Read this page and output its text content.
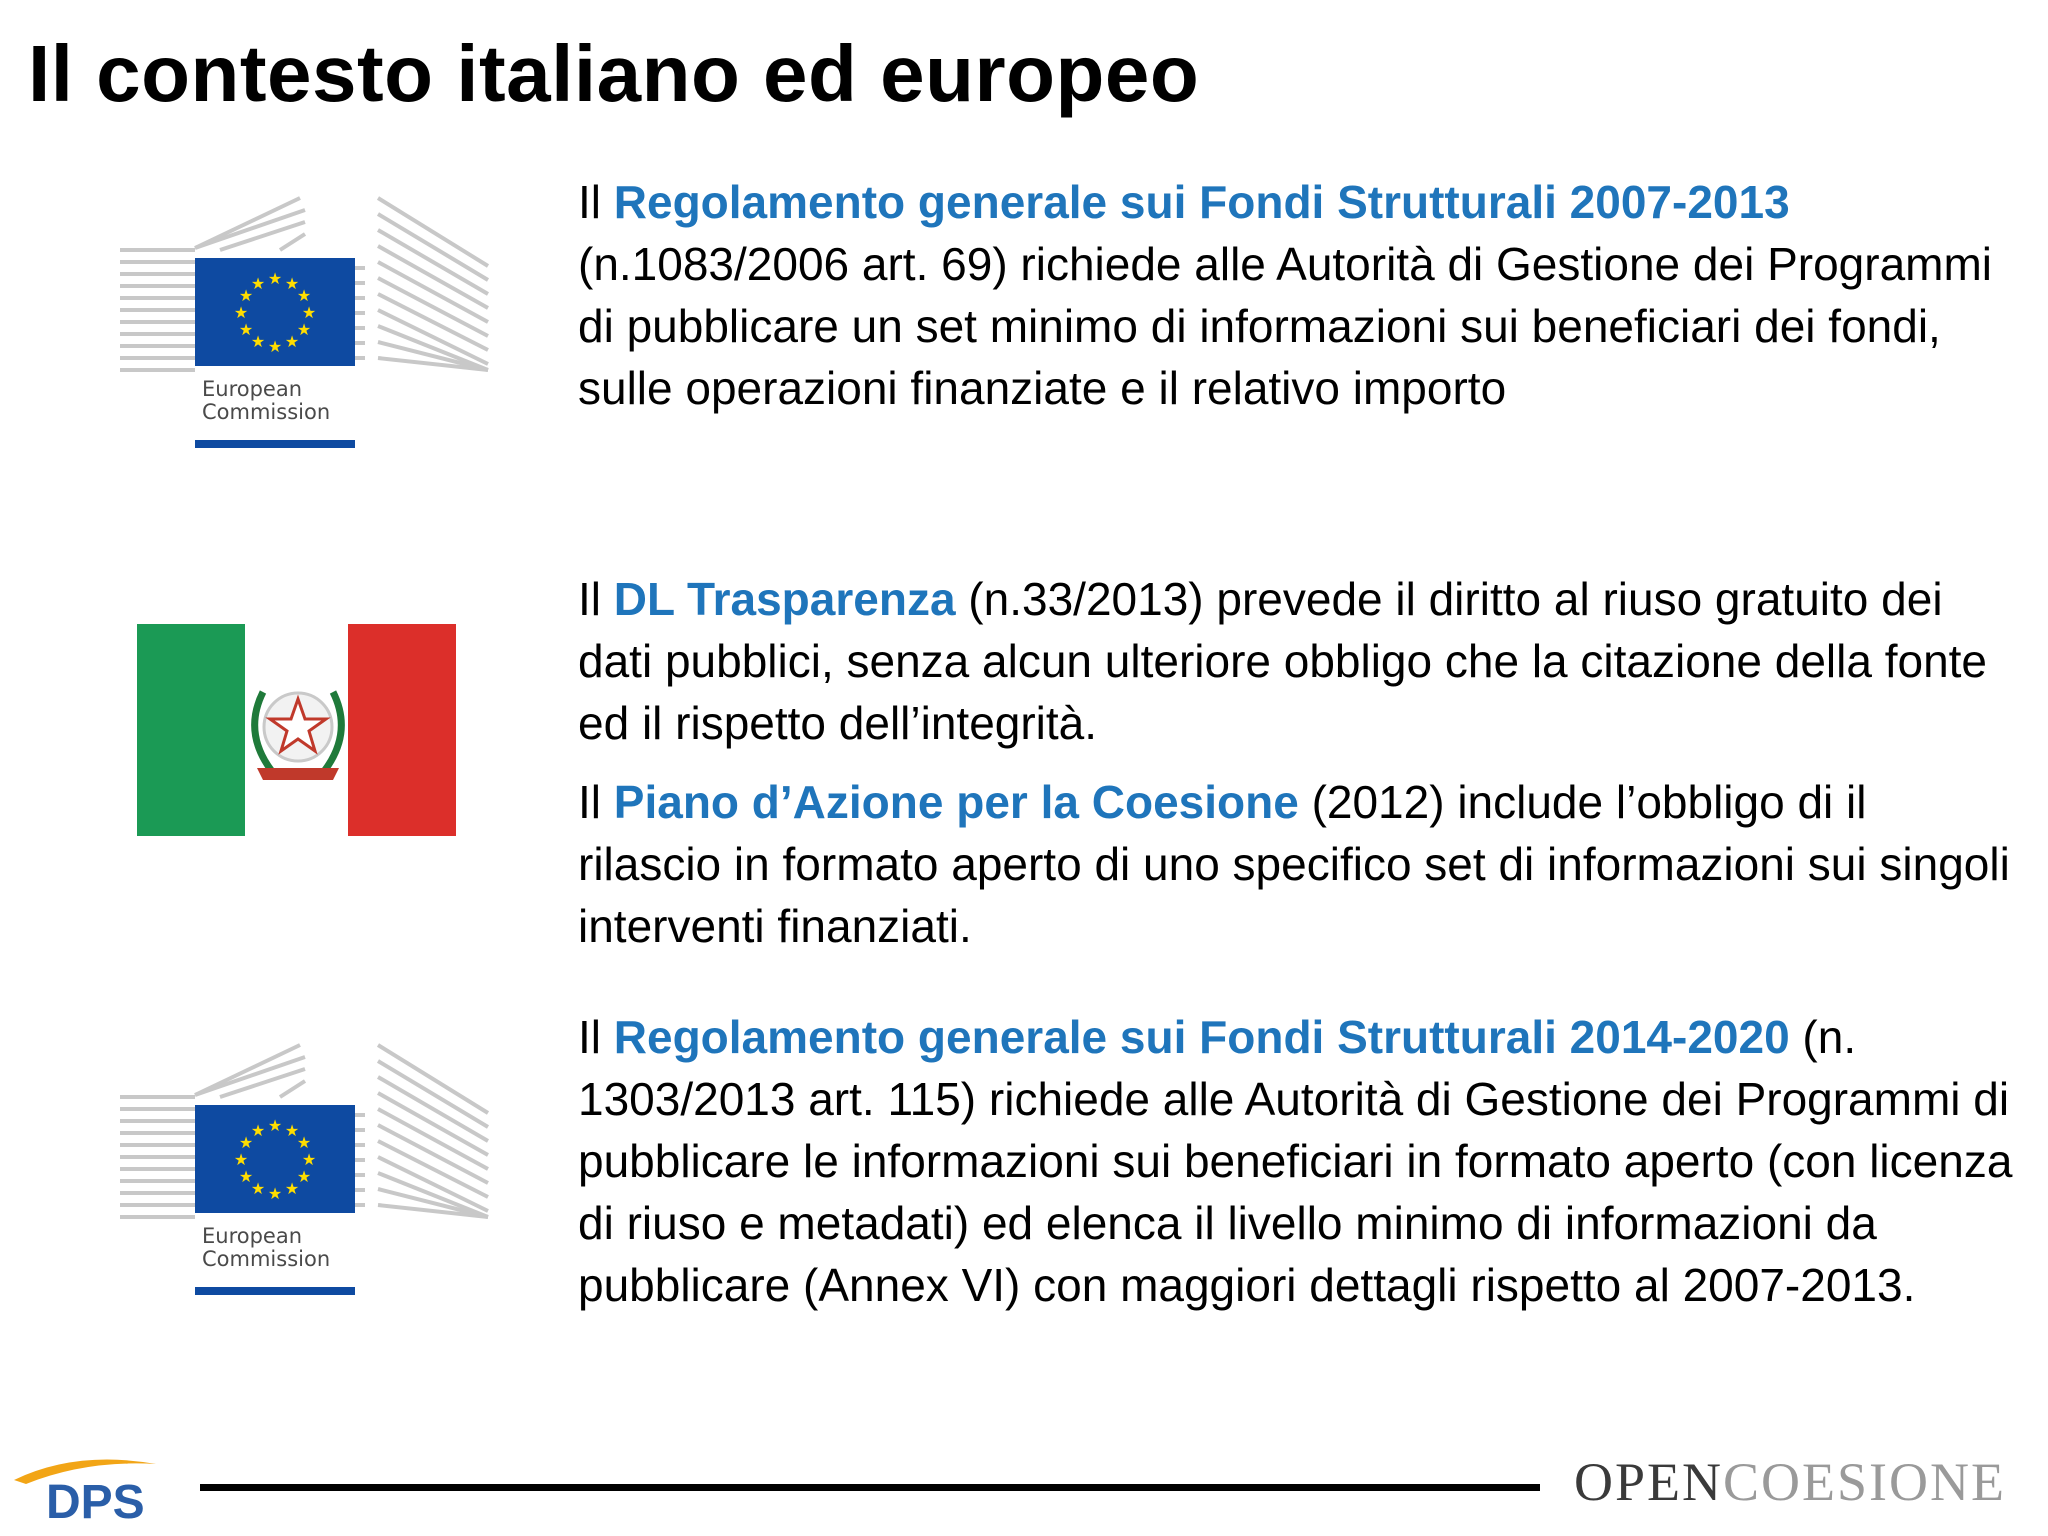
Il contesto italiano ed europeo
★ ★
★
★
★
★
★
★
★
★
★
★
European
Commission

Il Regolamento generale sui Fondi Strutturali 2007-2013 (n.1083/2006 art. 69) richiede alle Autorità di Gestione dei Programmi di pubblicare un set minimo di informazioni sui beneficiari dei fondi, sulle operazioni finanziate e il relativo importo

Il DL Trasparenza (n.33/2013) prevede il diritto al riuso gratuito dei dati pubblici, senza alcun ulteriore obbligo che la citazione della fonte ed il rispetto dell’integrità.

Il Piano d’Azione per la Coesione (2012) include l’obbligo di il rilascio in formato aperto di uno specifico set di informazioni sui singoli interventi finanziati.

★ ★
★
★
★
★
★
★
★
★
★
★
European
Commission

Il Regolamento generale sui Fondi Strutturali 2014-2020 (n. 1303/2013 art. 115) richiede alle Autorità di Gestione dei Programmi di pubblicare le informazioni sui beneficiari in formato aperto (con licenza di riuso e metadati) ed elenca il livello minimo di informazioni da pubblicare (Annex VI) con maggiori dettagli rispetto al 2007-2013.

DPS	OPENCOESIONE
